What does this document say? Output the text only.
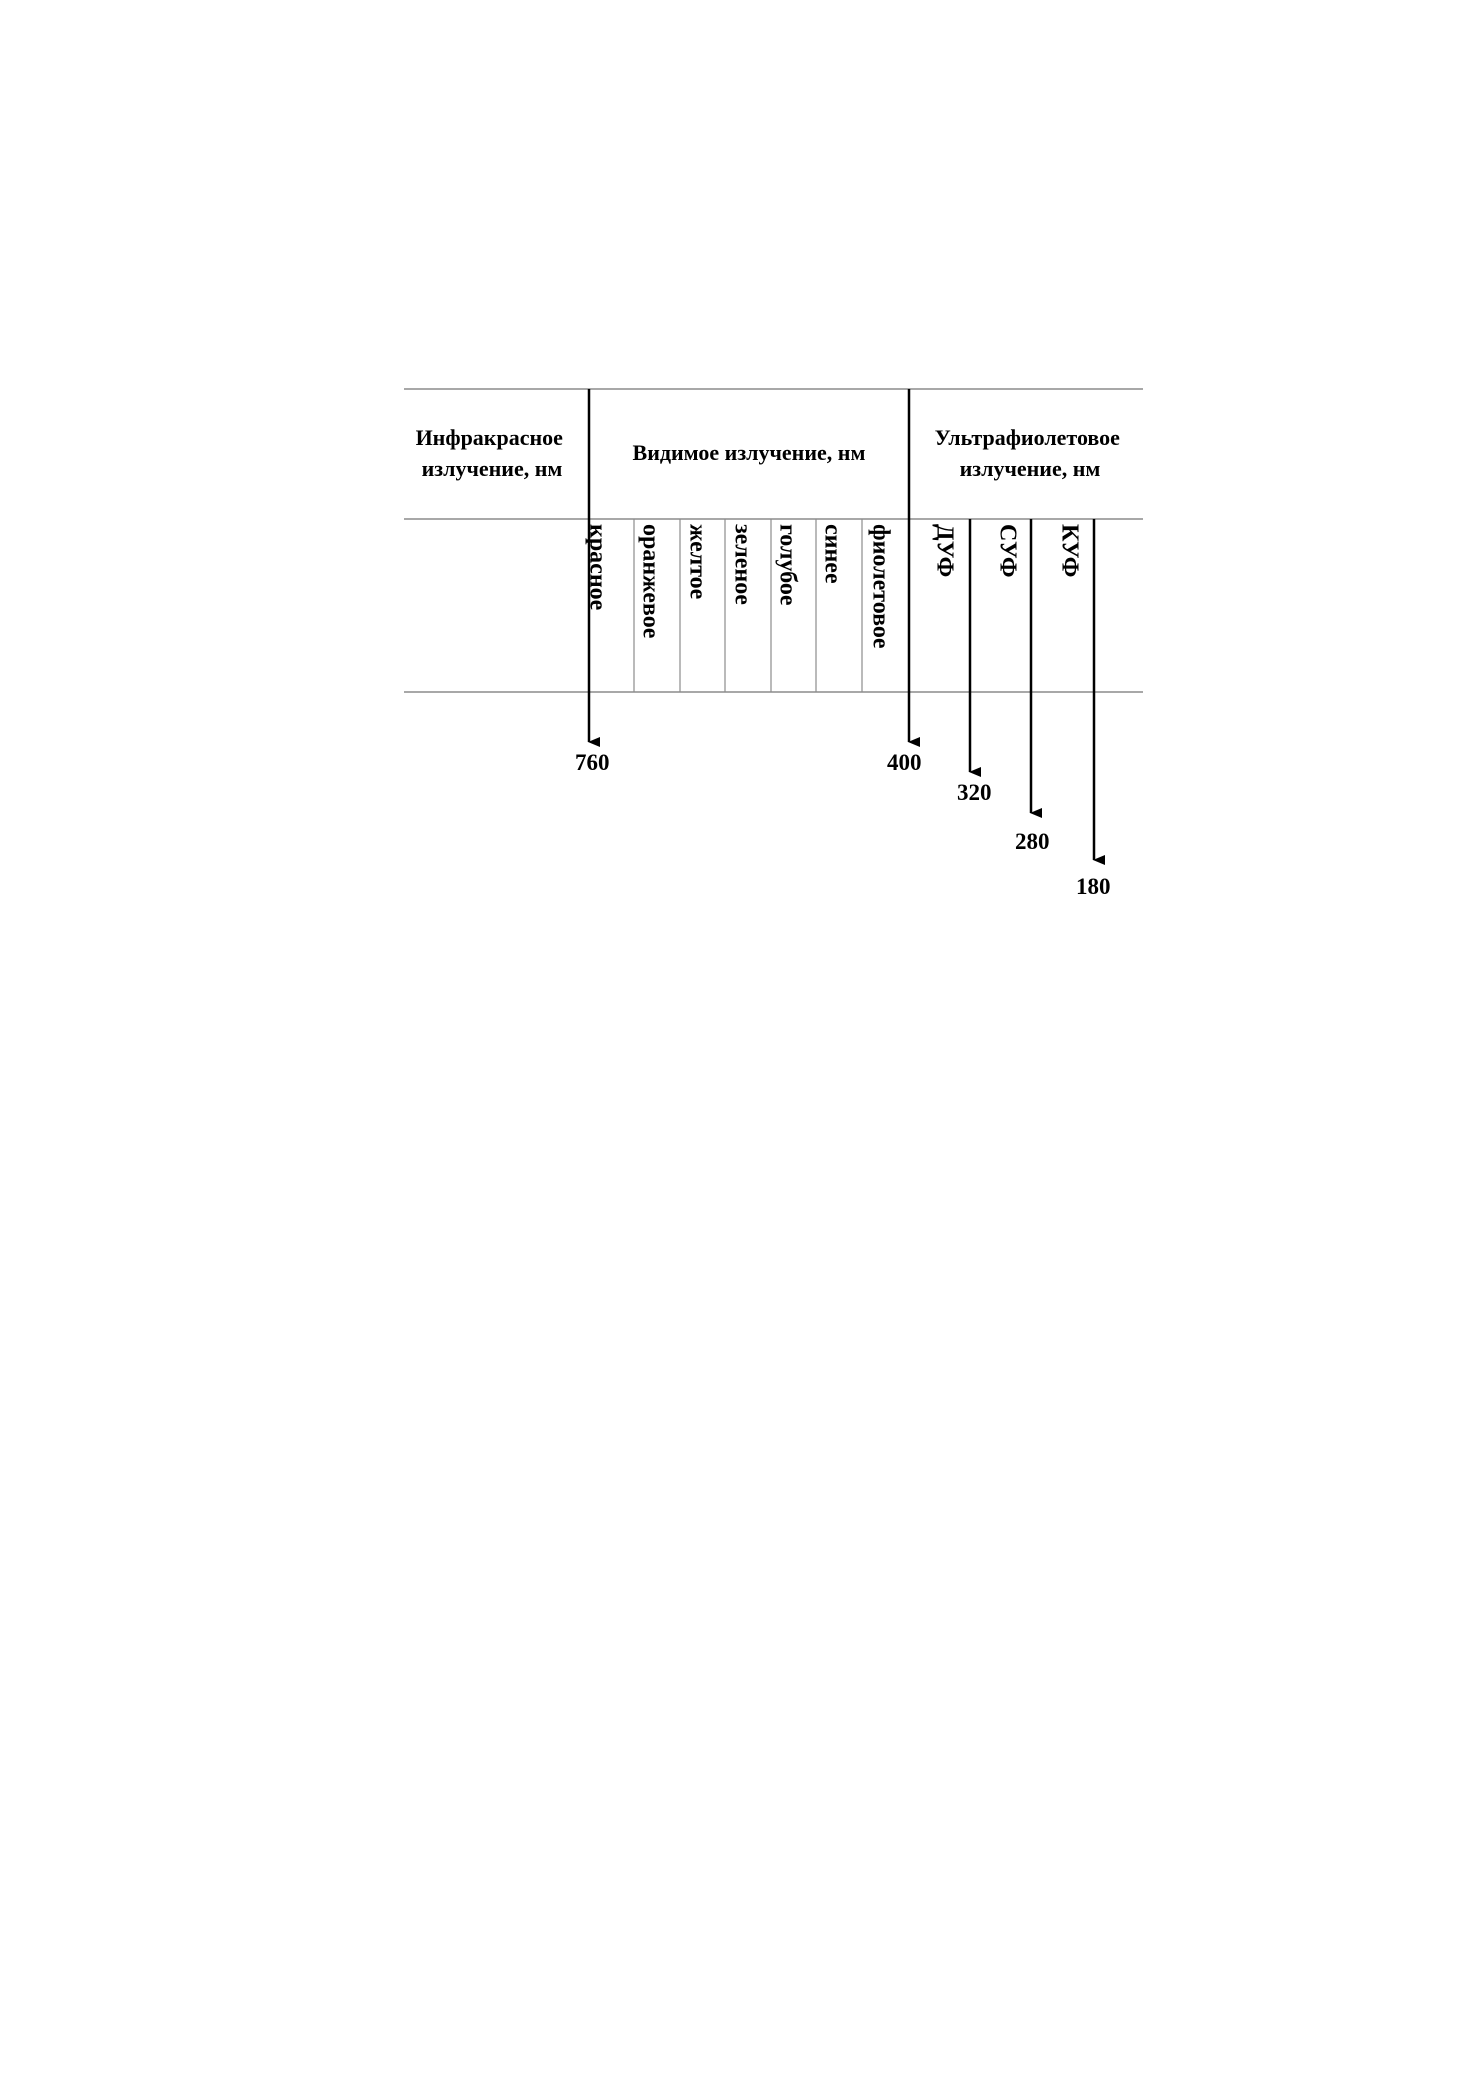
Инфракрасное излучение, нм
Видимое излучение, нм
Ультрафиолетовое излучение, нм
красное оранжевое желтое зеленое голубое синее фиолетовое ДУФ СУФ КУФ
760	400
320
280
180
